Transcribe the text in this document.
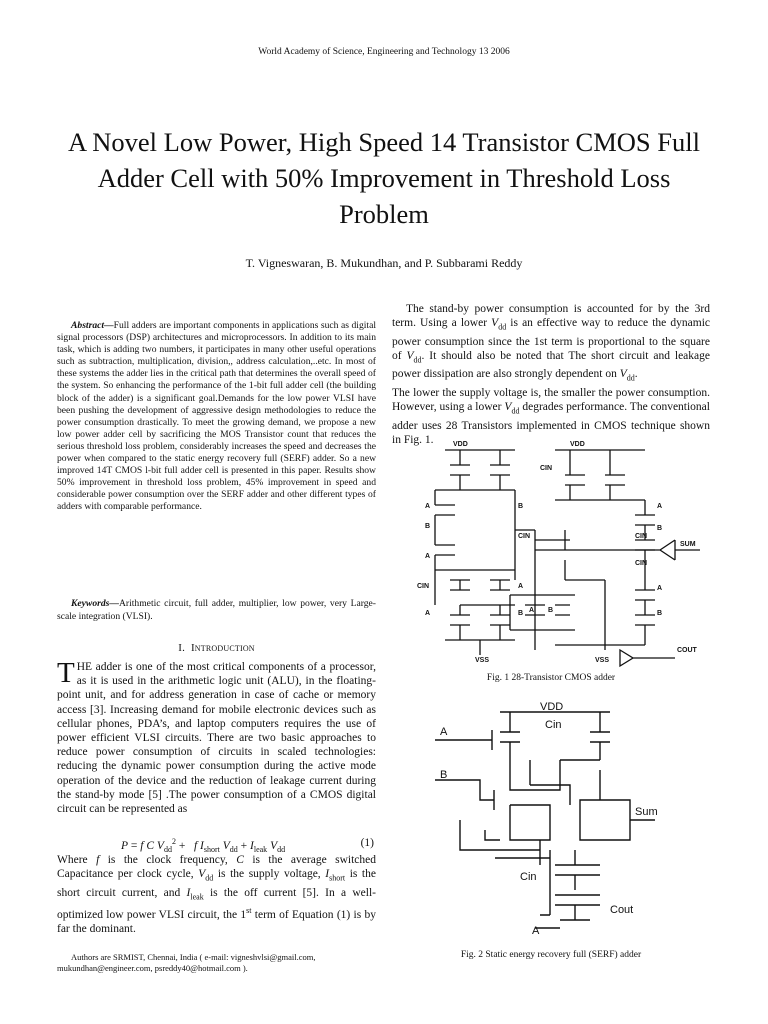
World Academy of Science, Engineering and Technology 13 2006
A Novel Low Power, High Speed 14 Transistor CMOS Full Adder Cell with 50% Improvement in Threshold Loss Problem
T. Vigneswaran, B. Mukundhan, and P. Subbarami Reddy
Abstract—Full adders are important components in applications such as digital signal processors (DSP) architectures and microprocessors. In addition to its main task, which is adding two numbers, it participates in many other useful operations such as subtraction, multiplication, division,, address calculation,..etc. In most of these systems the adder lies in the critical path that determines the overall speed of the system. So enhancing the performance of the 1-bit full adder cell (the building block of the adder) is a significant goal.Demands for the low power VLSI have been pushing the development of aggressive design methodologies to reduce the power consumption drastically. To meet the growing demand, we propose a new low power adder cell by sacrificing the MOS Transistor count that reduces the serious threshold loss problem, considerably increases the speed and decreases the power when compared to the static energy recovery full (SERF) adder. So a new improved 14T CMOS l-bit full adder cell is presented in this paper. Results show 50% improvement in threshold loss problem, 45% improvement in speed and considerable power consumption over the SERF adder and other different types of adders with comparable performance.
Keywords—Arithmetic circuit, full adder, multiplier, low power, very Large-scale integration (VLSI).
I. Introduction
THE adder is one of the most critical components of a processor, as it is used in the arithmetic logic unit (ALU), in the floating-point unit, and for address generation in case of cache or memory access [3]. Increasing demand for mobile electronic devices such as cellular phones, PDA’s, and laptop computers requires the use of power efficient VLSI circuits. There are two basic approaches to reduce power consumption of circuits in scaled technologies: reducing the dynamic power consumption during the active mode operation of the device and the reduction of leakage current during the stand-by mode [5] .The power consumption of a CMOS digital circuit can be represented as
P = f C $V_{dd}^2 + f$ $I_{short}$ $V_{dd} + I_{leak}$ $V_{dd}$
(1)
Where f is the clock frequency, C is the average switched Capacitance per clock cycle, $V_{dd}$ is the supply voltage, $I_{short}$ is the short circuit current, and $I_{leak}$ is the off current [5]. In a well-optimized low power VLSI circuit, the 1st term of Equation (1) is by far the dominant.
Authors are SRMIST, Chennai, India ( e-mail: vigneshvlsi@gmail.com, mukundhan@engineer.com, psreddy40@hotmail.com ).

The stand-by power consumption is accounted for by the 3rd term. Using a lower $V_{dd}$ is an effective way to reduce the dynamic power consumption since the 1st term is proportional to the square of $V_{dd}$. It should also be noted that The short circuit and leakage power dissipation are also strongly dependent on $V_{dd}$.

The lower the supply voltage is, the smaller the power consumption. However, using a lower $V_{dd}$ degrades performance. The conventional adder uses 28 Transistors implemented in CMOS technique shown in Fig. 1.	VDD	VDD
A	B
B
A
CIN
CIN	A
A	B
VSS	VSS
CIN
A
B
CIN
SUM
CIN
A
B
A B
COUT
Fig. 1 28-Transistor CMOS adder
VDD
A
B
Cin
Sum
Cin
Cout
A
Fig. 2 Static energy recovery full (SERF) adder
